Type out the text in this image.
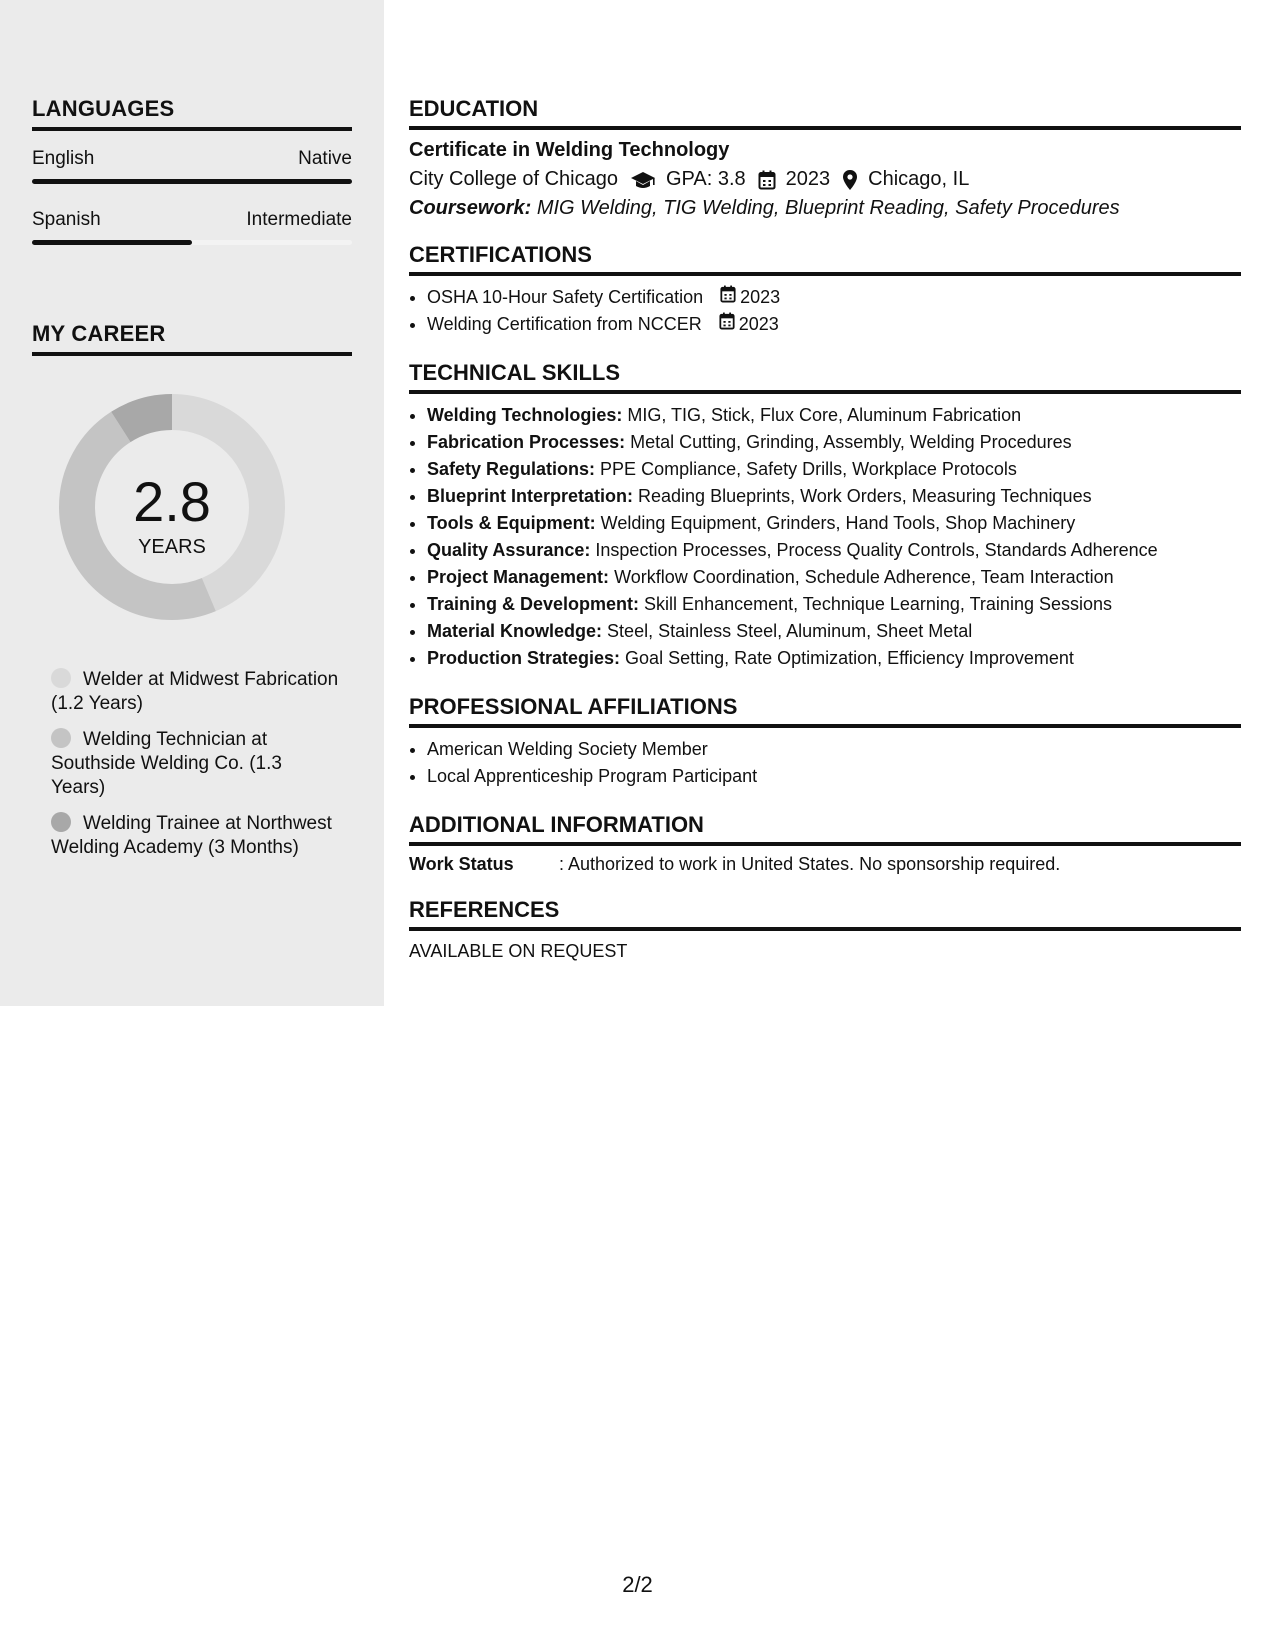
LANGUAGES
English	Native
Spanish	Intermediate
MY CAREER
2.8
YEARS
Welder at Midwest Fabrication (1.2 Years)
Welding Technician at Southside Welding Co. (1.3 Years)
Welding Trainee at Northwest Welding Academy (3 Months)
EDUCATION
Certificate in Welding Technology
City College of Chicago GPA: 3.8 2023 Chicago, IL
Coursework: MIG Welding, TIG Welding, Blueprint Reading, Safety Procedures
CERTIFICATIONS
• OSHA 10-Hour Safety Certification 2023
• Welding Certification from NCCER 2023
TECHNICAL SKILLS
• Welding Technologies: MIG, TIG, Stick, Flux Core, Aluminum Fabrication
• Fabrication Processes: Metal Cutting, Grinding, Assembly, Welding Procedures
• Safety Regulations: PPE Compliance, Safety Drills, Workplace Protocols
• Blueprint Interpretation: Reading Blueprints, Work Orders, Measuring Techniques
• Tools & Equipment: Welding Equipment, Grinders, Hand Tools, Shop Machinery
• Quality Assurance: Inspection Processes, Process Quality Controls, Standards Adherence
• Project Management: Workflow Coordination, Schedule Adherence, Team Interaction
• Training & Development: Skill Enhancement, Technique Learning, Training Sessions
• Material Knowledge: Steel, Stainless Steel, Aluminum, Sheet Metal
• Production Strategies: Goal Setting, Rate Optimization, Efficiency Improvement
PROFESSIONAL AFFILIATIONS
• American Welding Society Member
• Local Apprenticeship Program Participant
ADDITIONAL INFORMATION
Work Status	: Authorized to work in United States. No sponsorship required.
REFERENCES
AVAILABLE ON REQUEST
2/2
